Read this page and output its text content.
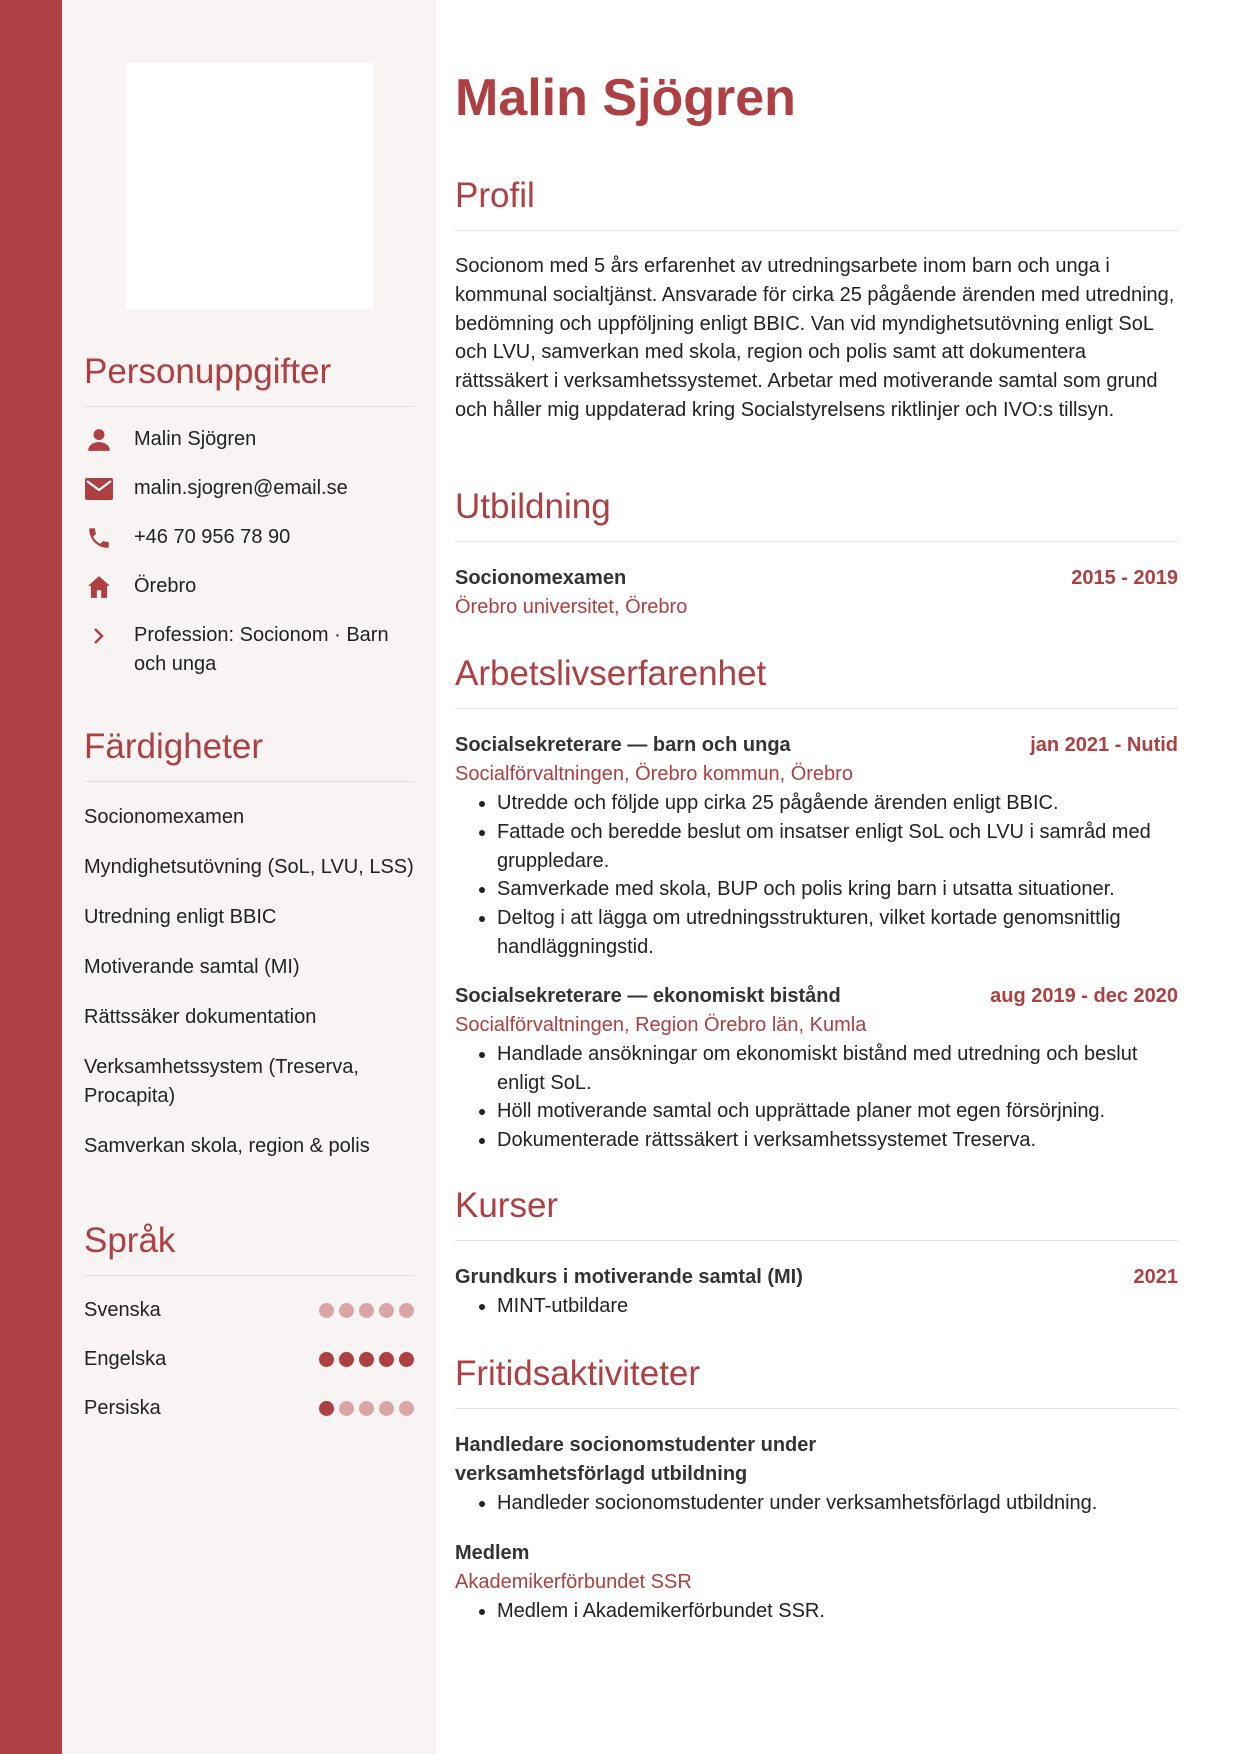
Personuppgifter
Malin Sjögren
malin.sjogren@email.se
+46 70 956 78 90
Örebro
Profession: Socionom · Barn och unga
Färdigheter
Socionomexamen
Myndighetsutövning (SoL, LVU, LSS)
Utredning enligt BBIC
Motiverande samtal (MI)
Rättssäker dokumentation
Verksamhetssystem (Treserva, Procapita)
Samverkan skola, region & polis
Språk
Svenska
Engelska
Persiska
Malin Sjögren
Profil

Socionom med 5 års erfarenhet av utredningsarbete inom barn och unga i kommunal socialtjänst. Ansvarade för cirka 25 pågående ärenden med utredning, bedömning och uppföljning enligt BBIC. Van vid myndighetsutövning enligt SoL och LVU, samverkan med skola, region och polis samt att dokumentera rättssäkert i verksamhetssystemet. Arbetar med motiverande samtal som grund och håller mig uppdaterad kring Socialstyrelsens riktlinjer och IVO:s tillsyn.

Utbildning
Socionomexamen	2015 - 2019
Örebro universitet, Örebro
Arbetslivserfarenhet
Socialsekreterare — barn och unga	jan 2021 - Nutid
Socialförvaltningen, Örebro kommun, Örebro
• Utredde och följde upp cirka 25 pågående ärenden enligt BBIC.
• Fattade och beredde beslut om insatser enligt SoL och LVU i samråd med gruppledare.
• Samverkade med skola, BUP och polis kring barn i utsatta situationer.
• Deltog i att lägga om utredningsstrukturen, vilket kortade genomsnittlig handläggningstid.
Socialsekreterare — ekonomiskt bistånd	aug 2019 - dec 2020
Socialförvaltningen, Region Örebro län, Kumla
• Handlade ansökningar om ekonomiskt bistånd med utredning och beslut enligt SoL.
• Höll motiverande samtal och upprättade planer mot egen försörjning.
• Dokumenterade rättssäkert i verksamhetssystemet Treserva.
Kurser
Grundkurs i motiverande samtal (MI)	2021
• MINT-utbildare
Fritidsaktiviteter
Handledare socionomstudenter under verksamhetsförlagd utbildning
• Handleder socionomstudenter under verksamhetsförlagd utbildning.
Medlem
Akademikerförbundet SSR
• Medlem i Akademikerförbundet SSR.
